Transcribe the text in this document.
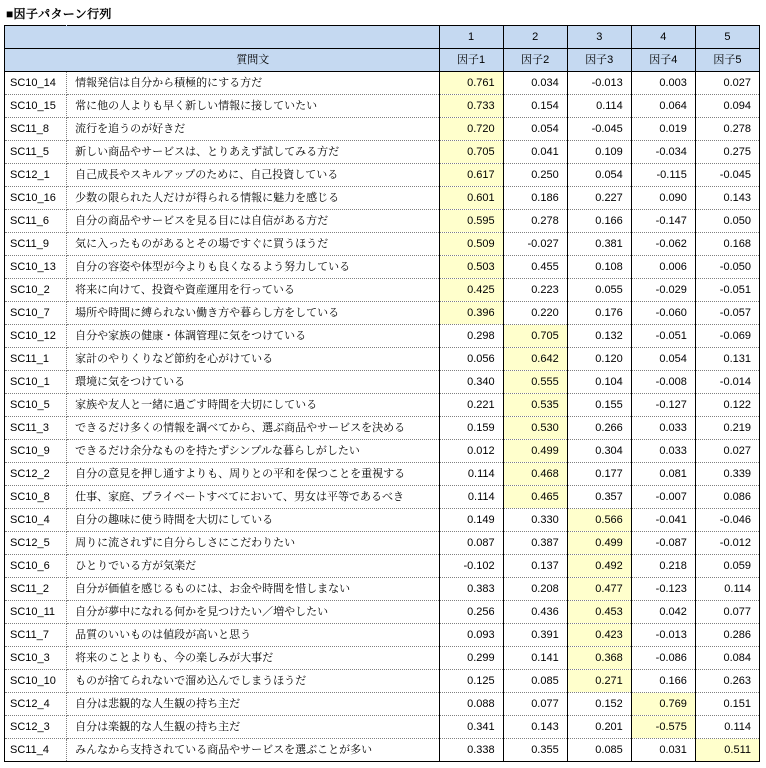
■因子パターン行列
		1	2	3	4	5
	質問文	因子1	因子2	因子3	因子4	因子5
SC10_14	情報発信は自分から積極的にする方だ	0.761	0.034	-0.013	0.003	0.027
SC10_15	常に他の人よりも早く新しい情報に接していたい	0.733	0.154	0.114	0.064	0.094
SC11_8	流行を追うのが好きだ	0.720	0.054	-0.045	0.019	0.278
SC11_5	新しい商品やサービスは、とりあえず試してみる方だ	0.705	0.041	0.109	-0.034	0.275
SC12_1	自己成長やスキルアップのために、自己投資している	0.617	0.250	0.054	-0.115	-0.045
SC10_16	少数の限られた人だけが得られる情報に魅力を感じる	0.601	0.186	0.227	0.090	0.143
SC11_6	自分の商品やサービスを見る目には自信がある方だ	0.595	0.278	0.166	-0.147	0.050
SC11_9	気に入ったものがあるとその場ですぐに買うほうだ	0.509	-0.027	0.381	-0.062	0.168
SC10_13	自分の容姿や体型が今よりも良くなるよう努力している	0.503	0.455	0.108	0.006	-0.050
SC10_2	将来に向けて、投資や資産運用を行っている	0.425	0.223	0.055	-0.029	-0.051
SC10_7	場所や時間に縛られない働き方や暮らし方をしている	0.396	0.220	0.176	-0.060	-0.057
SC10_12	自分や家族の健康・体調管理に気をつけている	0.298	0.705	0.132	-0.051	-0.069
SC11_1	家計のやりくりなど節約を心がけている	0.056	0.642	0.120	0.054	0.131
SC10_1	環境に気をつけている	0.340	0.555	0.104	-0.008	-0.014
SC10_5	家族や友人と一緒に過ごす時間を大切にしている	0.221	0.535	0.155	-0.127	0.122
SC11_3	できるだけ多くの情報を調べてから、選ぶ商品やサービスを決める	0.159	0.530	0.266	0.033	0.219
SC10_9	できるだけ余分なものを持たずシンプルな暮らしがしたい	0.012	0.499	0.304	0.033	0.027
SC12_2	自分の意見を押し通すよりも、周りとの平和を保つことを重視する	0.114	0.468	0.177	0.081	0.339
SC10_8	仕事、家庭、プライベートすべてにおいて、男女は平等であるべき	0.114	0.465	0.357	-0.007	0.086
SC10_4	自分の趣味に使う時間を大切にしている	0.149	0.330	0.566	-0.041	-0.046
SC12_5	周りに流されずに自分らしさにこだわりたい	0.087	0.387	0.499	-0.087	-0.012
SC10_6	ひとりでいる方が気楽だ	-0.102	0.137	0.492	0.218	0.059
SC11_2	自分が価値を感じるものには、お金や時間を惜しまない	0.383	0.208	0.477	-0.123	0.114
SC10_11	自分が夢中になれる何かを見つけたい／増やしたい	0.256	0.436	0.453	0.042	0.077
SC11_7	品質のいいものは値段が高いと思う	0.093	0.391	0.423	-0.013	0.286
SC10_3	将来のことよりも、今の楽しみが大事だ	0.299	0.141	0.368	-0.086	0.084
SC10_10	ものが捨てられないで溜め込んでしまうほうだ	0.125	0.085	0.271	0.166	0.263
SC12_4	自分は悲観的な人生観の持ち主だ	0.088	0.077	0.152	0.769	0.151
SC12_3	自分は楽観的な人生観の持ち主だ	0.341	0.143	0.201	-0.575	0.114
SC11_4	みんなから支持されている商品やサービスを選ぶことが多い	0.338	0.355	0.085	0.031	0.511
